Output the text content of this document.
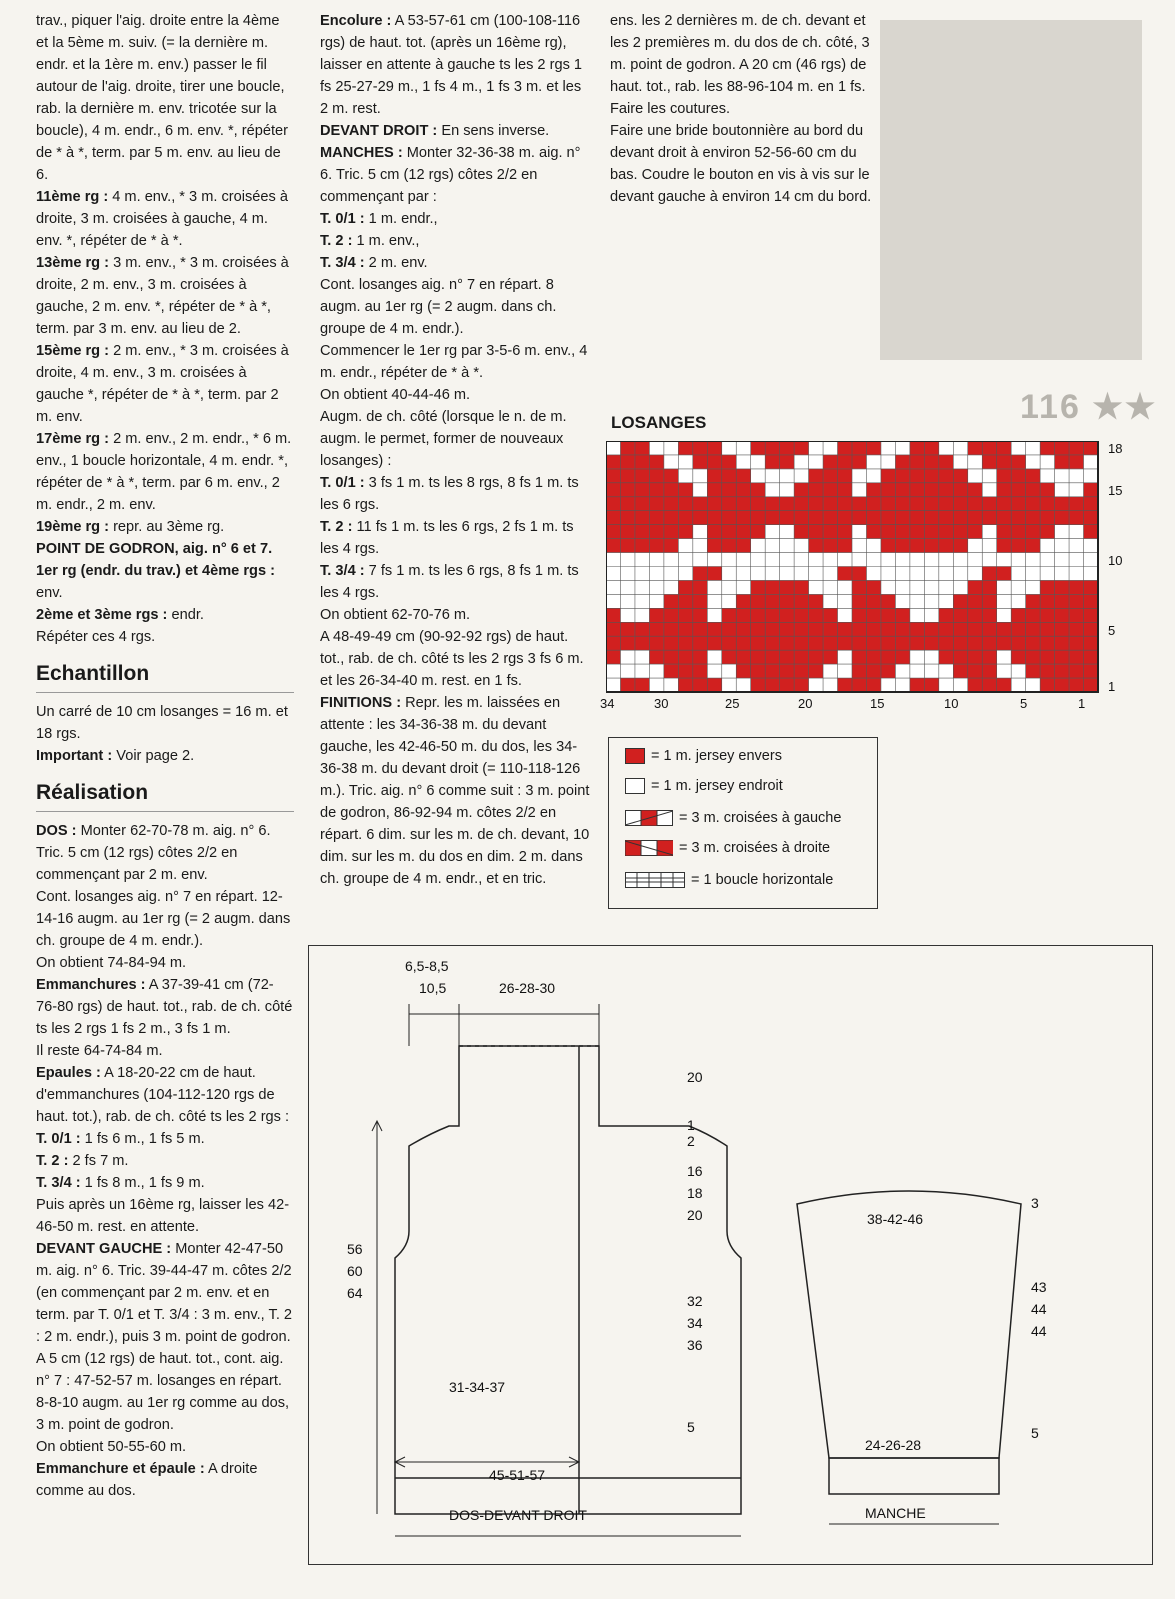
116 ★★

trav., piquer l'aig. droite entre la 4ème et la 5ème m. suiv. (= la dernière m. endr. et la 1ère m. env.) passer le fil autour de l'aig. droite, tirer une boucle, rab. la dernière m. env. tricotée sur la boucle), 4 m. endr., 6 m. env. *, répéter de * à *, term. par 5 m. env. au lieu de 6.

11ème rg : 4 m. env., * 3 m. croisées à droite, 3 m. croisées à gauche, 4 m. env. *, répéter de * à *.

13ème rg : 3 m. env., * 3 m. croisées à droite, 2 m. env., 3 m. croisées à gauche, 2 m. env. *, répéter de * à *, term. par 3 m. env. au lieu de 2.

15ème rg : 2 m. env., * 3 m. croisées à droite, 4 m. env., 3 m. croisées à gauche *, répéter de * à *, term. par 2 m. env.

17ème rg : 2 m. env., 2 m. endr., * 6 m. env., 1 boucle horizontale, 4 m. endr. *, répéter de * à *, term. par 6 m. env., 2 m. endr., 2 m. env.

19ème rg : repr. au 3ème rg.

POINT DE GODRON, aig. n° 6 et 7.

1er rg (endr. du trav.) et 4ème rgs : env.

2ème et 3ème rgs : endr.

Répéter ces 4 rgs.

Echantillon

Un carré de 10 cm losanges = 16 m. et 18 rgs.

Important : Voir page 2.

Réalisation

DOS : Monter 62-70-78 m. aig. n° 6. Tric. 5 cm (12 rgs) côtes 2/2 en commençant par 2 m. env.

Cont. losanges aig. n° 7 en répart. 12-14-16 augm. au 1er rg (= 2 augm. dans ch. groupe de 4 m. endr.).

On obtient 74-84-94 m.

Emmanchures : A 37-39-41 cm (72-76-80 rgs) de haut. tot., rab. de ch. côté ts les 2 rgs 1 fs 2 m., 3 fs 1 m.

Il reste 64-74-84 m.

Epaules : A 18-20-22 cm de haut. d'emmanchures (104-112-120 rgs de haut. tot.), rab. de ch. côté ts les 2 rgs :

T. 0/1 : 1 fs 6 m., 1 fs 5 m.

T. 2 : 2 fs 7 m.

T. 3/4 : 1 fs 8 m., 1 fs 9 m.

Puis après un 16ème rg, laisser les 42-46-50 m. rest. en attente.

DEVANT GAUCHE : Monter 42-47-50 m. aig. n° 6. Tric. 39-44-47 m. côtes 2/2 (en commençant par 2 m. env. et en term. par T. 0/1 et T. 3/4 : 3 m. env., T. 2 : 2 m. endr.), puis 3 m. point de godron.

A 5 cm (12 rgs) de haut. tot., cont. aig. n° 7 : 47-52-57 m. losanges en répart. 8-8-10 augm. au 1er rg comme au dos, 3 m. point de godron.

On obtient 50-55-60 m.

Emmanchure et épaule : A droite comme au dos.

Encolure : A 53-57-61 cm (100-108-116 rgs) de haut. tot. (après un 16ème rg), laisser en attente à gauche ts les 2 rgs 1 fs 25-27-29 m., 1 fs 4 m., 1 fs 3 m. et les 2 m. rest.

DEVANT DROIT : En sens inverse.

MANCHES : Monter 32-36-38 m. aig. n° 6. Tric. 5 cm (12 rgs) côtes 2/2 en commençant par :

T. 0/1 : 1 m. endr.,

T. 2 : 1 m. env.,

T. 3/4 : 2 m. env.

Cont. losanges aig. n° 7 en répart. 8 augm. au 1er rg (= 2 augm. dans ch. groupe de 4 m. endr.).

Commencer le 1er rg par 3-5-6 m. env., 4 m. endr., répéter de * à *.

On obtient 40-44-46 m.

Augm. de ch. côté (lorsque le n. de m. augm. le permet, former de nouveaux losanges) :

T. 0/1 : 3 fs 1 m. ts les 8 rgs, 8 fs 1 m. ts les 6 rgs.

T. 2 : 11 fs 1 m. ts les 6 rgs, 2 fs 1 m. ts les 4 rgs.

T. 3/4 : 7 fs 1 m. ts les 6 rgs, 8 fs 1 m. ts les 4 rgs.

On obtient 62-70-76 m.

A 48-49-49 cm (90-92-92 rgs) de haut. tot., rab. de ch. côté ts les 2 rgs 3 fs 6 m. et les 26-34-40 m. rest. en 1 fs.

FINITIONS : Repr. les m. laissées en attente : les 34-36-38 m. du devant gauche, les 42-46-50 m. du dos, les 34-36-38 m. du devant droit (= 110-118-126 m.). Tric. aig. n° 6 comme suit : 3 m. point de godron, 86-92-94 m. côtes 2/2 en répart. 6 dim. sur les m. de ch. devant, 10 dim. sur les m. du dos en dim. 2 m. dans ch. groupe de 4 m. endr., et en tric.

ens. les 2 dernières m. de ch. devant et les 2 premières m. du dos de ch. côté, 3 m. point de godron. A 20 cm (46 rgs) de haut. tot., rab. les 88-96-104 m. en 1 fs. Faire les coutures.

Faire une bride boutonnière au bord du devant droit à environ 52-56-60 cm du bas. Coudre le bouton en vis à vis sur le devant gauche à environ 14 cm du bord.

LOSANGES
18
15
10
5
1
34	30	25	20	15	10	5	1
= 1 m. jersey envers
= 1 m. jersey endroit
= 3 m. croisées à gauche
= 3 m. croisées à droite
= 1 boucle horizontale
6,5-8,5
10,5	26-28-30
20
1
2
16
18
20
56
60
64	32
34
36
31-34-37
5
45-51-57
DOS-DEVANT DROIT
38-42-46
3
43
44
44
5
24-26-28
MANCHE
